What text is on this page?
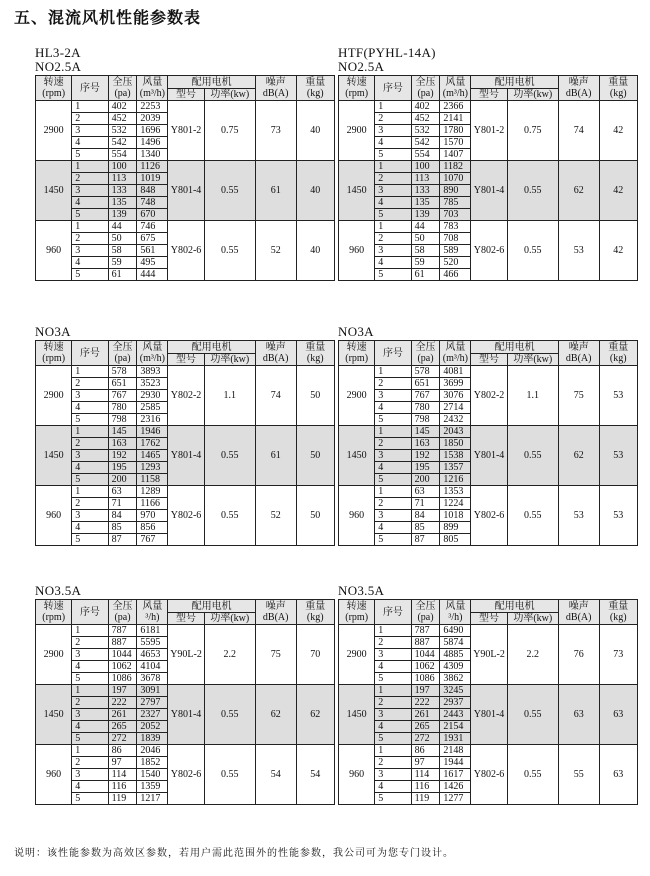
五、混流风机性能参数表
HL3-2A
NO2.5A
转速
(rpm)	序号	全压
(pa)	风量
(m³/h)	配用电机		噪声
dB(A)	重量
(kg)
				型号	功率(kw)		
2900	1	402	2253	Y801-2	0.75	73	40
	2	452	2039				
	3	532	1696				
	4	542	1496				
	5	554	1340				
1450	1	100	1126	Y801-4	0.55	61	40
	2	113	1019				
	3	133	848				
	4	135	748				
	5	139	670				
960	1	44	746	Y802-6	0.55	52	40
	2	50	675				
	3	58	561				
	4	59	495				
	5	61	444				
HTF(PYHL-14A)
NO2.5A
转速
(rpm)	序号	全压
(pa)	风量
(m³/h)	配用电机		噪声
dB(A)	重量
(kg)
				型号	功率(kw)		
2900	1	402	2366	Y801-2	0.75	74	42
	2	452	2141				
	3	532	1780				
	4	542	1570				
	5	554	1407				
1450	1	100	1182	Y801-4	0.55	62	42
	2	113	1070				
	3	133	890				
	4	135	785				
	5	139	703				
960	1	44	783	Y802-6	0.55	53	42
	2	50	708				
	3	58	589				
	4	59	520				
	5	61	466				
NO3A
转速
(rpm)	序号	全压
(pa)	风量
(m³/h)	配用电机		噪声
dB(A)	重量
(kg)
				型号	功率(kw)		
2900	1	578	3893	Y802-2	1.1	74	50
	2	651	3523				
	3	767	2930				
	4	780	2585				
	5	798	2316				
1450	1	145	1946	Y801-4	0.55	61	50
	2	163	1762				
	3	192	1465				
	4	195	1293				
	5	200	1158				
960	1	63	1289	Y802-6	0.55	52	50
	2	71	1166				
	3	84	970				
	4	85	856				
	5	87	767				
NO3A
转速
(rpm)	序号	全压
(pa)	风量
(m³/h)	配用电机		噪声
dB(A)	重量
(kg)
				型号	功率(kw)		
2900	1	578	4081	Y802-2	1.1	75	53
	2	651	3699				
	3	767	3076				
	4	780	2714				
	5	798	2432				
1450	1	145	2043	Y801-4	0.55	62	53
	2	163	1850				
	3	192	1538				
	4	195	1357				
	5	200	1216				
960	1	63	1353	Y802-6	0.55	53	53
	2	71	1224				
	3	84	1018				
	4	85	899				
	5	87	805				
NO3.5A
转速
(rpm)	序号	全压
(pa)	风量
³/h)	配用电机		噪声
dB(A)	重量
(kg)
				型号	功率(kw)		
2900	1	787	6181	Y90L-2	2.2	75	70
	2	887	5595				
	3	1044	4653				
	4	1062	4104				
	5	1086	3678				
1450	1	197	3091	Y801-4	0.55	62	62
	2	222	2797				
	3	261	2327				
	4	265	2052				
	5	272	1839				
960	1	86	2046	Y802-6	0.55	54	54
	2	97	1852				
	3	114	1540				
	4	116	1359				
	5	119	1217				
NO3.5A
转速
(rpm)	序号	全压
(pa)	风量
³/h)	配用电机		噪声
dB(A)	重量
(kg)
				型号	功率(kw)		
2900	1	787	6490	Y90L-2	2.2	76	73
	2	887	5874				
	3	1044	4885				
	4	1062	4309				
	5	1086	3862				
1450	1	197	3245	Y801-4	0.55	63	63
	2	222	2937				
	3	261	2443				
	4	265	2154				
	5	272	1931				
960	1	86	2148	Y802-6	0.55	55	63
	2	97	1944				
	3	114	1617				
	4	116	1426				
	5	119	1277				
说明：该性能参数为高效区参数，若用户需此范围外的性能参数，我公司可为您专门设计。
